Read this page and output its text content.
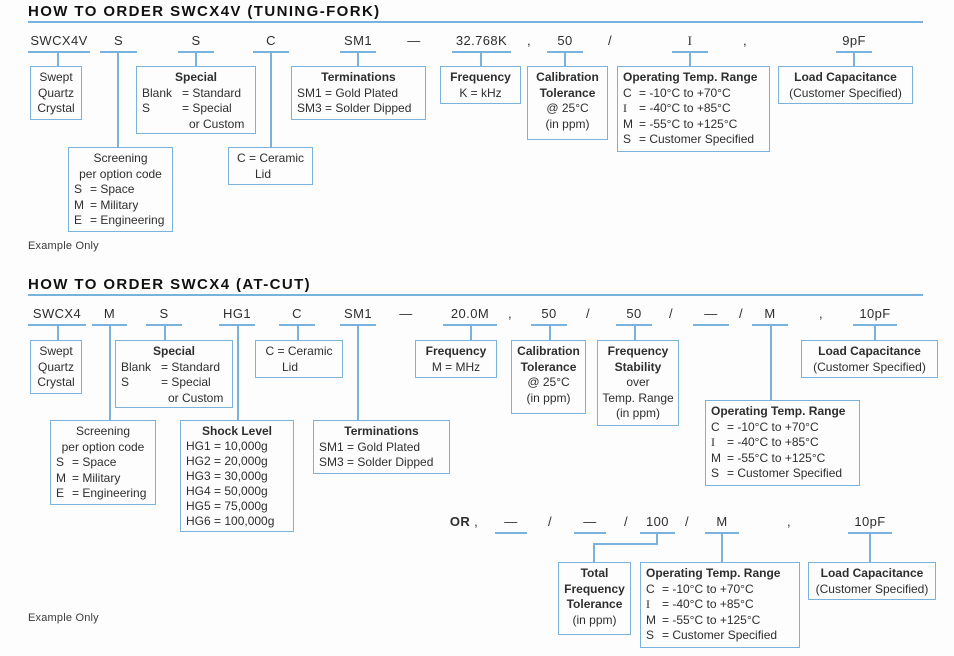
HOW TO ORDER SWCX4V (TUNING-FORK)
SWCX4V	S	S	C	SM1	—	32.768K ,	50	/	I	,	9pF
Swept
Quartz
Crystal
Special
Blank = Standard
S	= Special
or Custom
Terminations
SM1 = Gold Plated
SM3 = Solder Dipped
Frequency
K = kHz
Calibration
Tolerance
@ 25°C
(in ppm)
Operating Temp. Range
C = -10°C to +70°C
I = -40°C to +85°C
M = -55°C to +125°C
S = Customer Specified
Load Capacitance
(Customer Specified)
Screening
per option code
S = Space
M = Military
E = Engineering
C = Ceramic
Lid
Example Only
HOW TO ORDER SWCX4 (AT-CUT)
SWCX4	M	S	HG1	C	SM1	—	20.0M	,	50	/	50	/	—	/	M	,	10pF
Swept
Quartz
Crystal
Special
Blank = Standard
S	= Special
or Custom
C = Ceramic
Lid
Frequency
M = MHz
Calibration
Tolerance
@ 25°C
(in ppm)
Frequency
Stability
over
Temp. Range
(in ppm)
Load Capacitance
(Customer Specified)
Operating Temp. Range
C = -10°C to +70°C
I = -40°C to +85°C
M = -55°C to +125°C
S = Customer Specified
Screening
per option code
S = Space
M = Military
E = Engineering
Shock Level
HG1 = 10,000g
HG2 = 20,000g
HG3 = 30,000g
HG4 = 50,000g
HG5 = 75,000g
HG6 = 100,000g
Terminations
SM1 = Gold Plated
SM3 = Solder Dipped
OR ,	—	/	—	/	100	/	M	,	10pF
Total
Frequency
Tolerance
(in ppm)
Operating Temp. Range
C = -10°C to +70°C
I = -40°C to +85°C
M = -55°C to +125°C
S = Customer Specified
Load Capacitance
(Customer Specified)
Example Only
